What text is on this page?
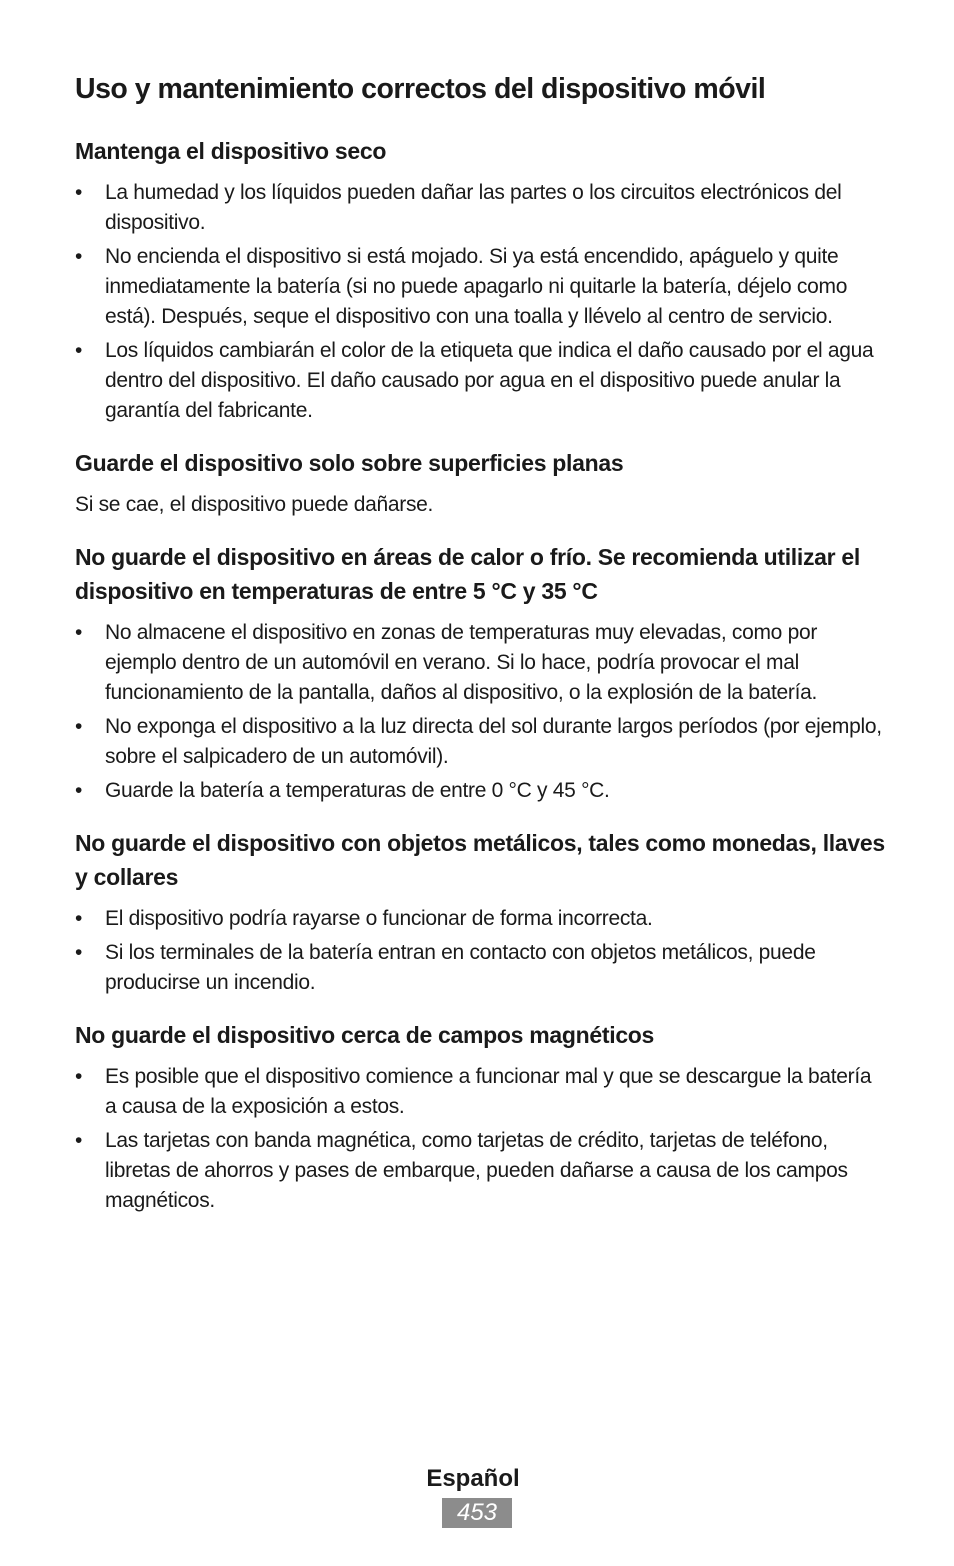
Uso y mantenimiento correctos del dispositivo móvil
Mantenga el dispositivo seco
• La humedad y los líquidos pueden dañar las partes o los circuitos electrónicos del dispositivo.
• No encienda el dispositivo si está mojado. Si ya está encendido, apáguelo y quite inmediatamente la batería (si no puede apagarlo ni quitarle la batería, déjelo como está). Después, seque el dispositivo con una toalla y llévelo al centro de servicio.
• Los líquidos cambiarán el color de la etiqueta que indica el daño causado por el agua dentro del dispositivo. El daño causado por agua en el dispositivo puede anular la garantía del fabricante.
Guarde el dispositivo solo sobre superficies planas

Si se cae, el dispositivo puede dañarse.

No guarde el dispositivo en áreas de calor o frío. Se recomienda utilizar el dispositivo en temperaturas de entre 5 °C y 35 °C
• No almacene el dispositivo en zonas de temperaturas muy elevadas, como por ejemplo dentro de un automóvil en verano. Si lo hace, podría provocar el mal funcionamiento de la pantalla, daños al dispositivo, o la explosión de la batería.
• No exponga el dispositivo a la luz directa del sol durante largos períodos (por ejemplo, sobre el salpicadero de un automóvil).
• Guarde la batería a temperaturas de entre 0 °C y 45 °C.
No guarde el dispositivo con objetos metálicos, tales como monedas, llaves y collares
• El dispositivo podría rayarse o funcionar de forma incorrecta.
• Si los terminales de la batería entran en contacto con objetos metálicos, puede producirse un incendio.
No guarde el dispositivo cerca de campos magnéticos
• Es posible que el dispositivo comience a funcionar mal y que se descargue la batería a causa de la exposición a estos.
• Las tarjetas con banda magnética, como tarjetas de crédito, tarjetas de teléfono, libretas de ahorros y pases de embarque, pueden dañarse a causa de los campos magnéticos.
Español
453
